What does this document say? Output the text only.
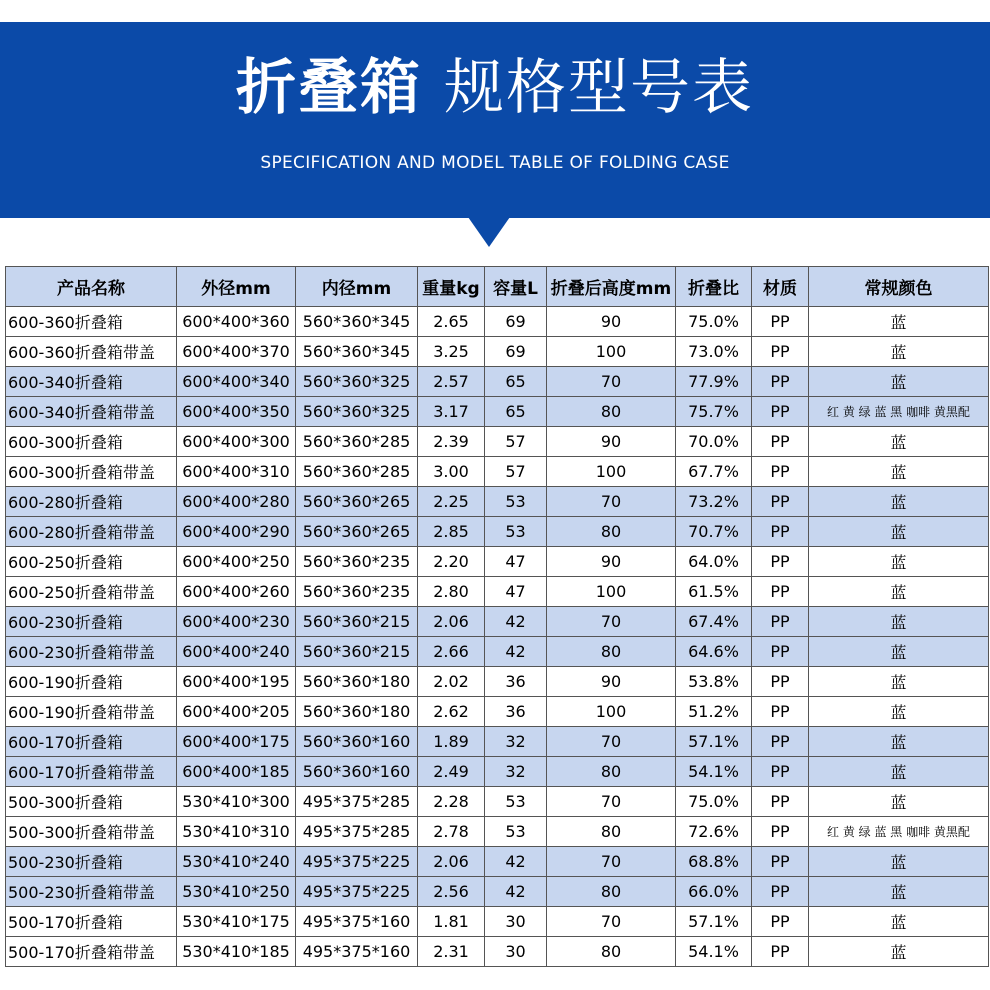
折叠箱 规格型号表
SPECIFICATION AND MODEL TABLE OF FOLDING CASE
产品名称	外径mm	内径mm	重量kg	容量L	折叠后高度mm	折叠比	材质	常规颜色
600-360折叠箱	600*400*360	560*360*345	2.65	69	90	75.0%	PP	蓝
600-360折叠箱带盖	600*400*370	560*360*345	3.25	69	100	73.0%	PP	蓝
600-340折叠箱	600*400*340	560*360*325	2.57	65	70	77.9%	PP	蓝
600-340折叠箱带盖	600*400*350	560*360*325	3.17	65	80	75.7%	PP	红 黄 绿 蓝 黑 咖啡 黄黑配
600-300折叠箱	600*400*300	560*360*285	2.39	57	90	70.0%	PP	蓝
600-300折叠箱带盖	600*400*310	560*360*285	3.00	57	100	67.7%	PP	蓝
600-280折叠箱	600*400*280	560*360*265	2.25	53	70	73.2%	PP	蓝
600-280折叠箱带盖	600*400*290	560*360*265	2.85	53	80	70.7%	PP	蓝
600-250折叠箱	600*400*250	560*360*235	2.20	47	90	64.0%	PP	蓝
600-250折叠箱带盖	600*400*260	560*360*235	2.80	47	100	61.5%	PP	蓝
600-230折叠箱	600*400*230	560*360*215	2.06	42	70	67.4%	PP	蓝
600-230折叠箱带盖	600*400*240	560*360*215	2.66	42	80	64.6%	PP	蓝
600-190折叠箱	600*400*195	560*360*180	2.02	36	90	53.8%	PP	蓝
600-190折叠箱带盖	600*400*205	560*360*180	2.62	36	100	51.2%	PP	蓝
600-170折叠箱	600*400*175	560*360*160	1.89	32	70	57.1%	PP	蓝
600-170折叠箱带盖	600*400*185	560*360*160	2.49	32	80	54.1%	PP	蓝
500-300折叠箱	530*410*300	495*375*285	2.28	53	70	75.0%	PP	蓝
500-300折叠箱带盖	530*410*310	495*375*285	2.78	53	80	72.6%	PP	红 黄 绿 蓝 黑 咖啡 黄黑配
500-230折叠箱	530*410*240	495*375*225	2.06	42	70	68.8%	PP	蓝
500-230折叠箱带盖	530*410*250	495*375*225	2.56	42	80	66.0%	PP	蓝
500-170折叠箱	530*410*175	495*375*160	1.81	30	70	57.1%	PP	蓝
500-170折叠箱带盖	530*410*185	495*375*160	2.31	30	80	54.1%	PP	蓝
